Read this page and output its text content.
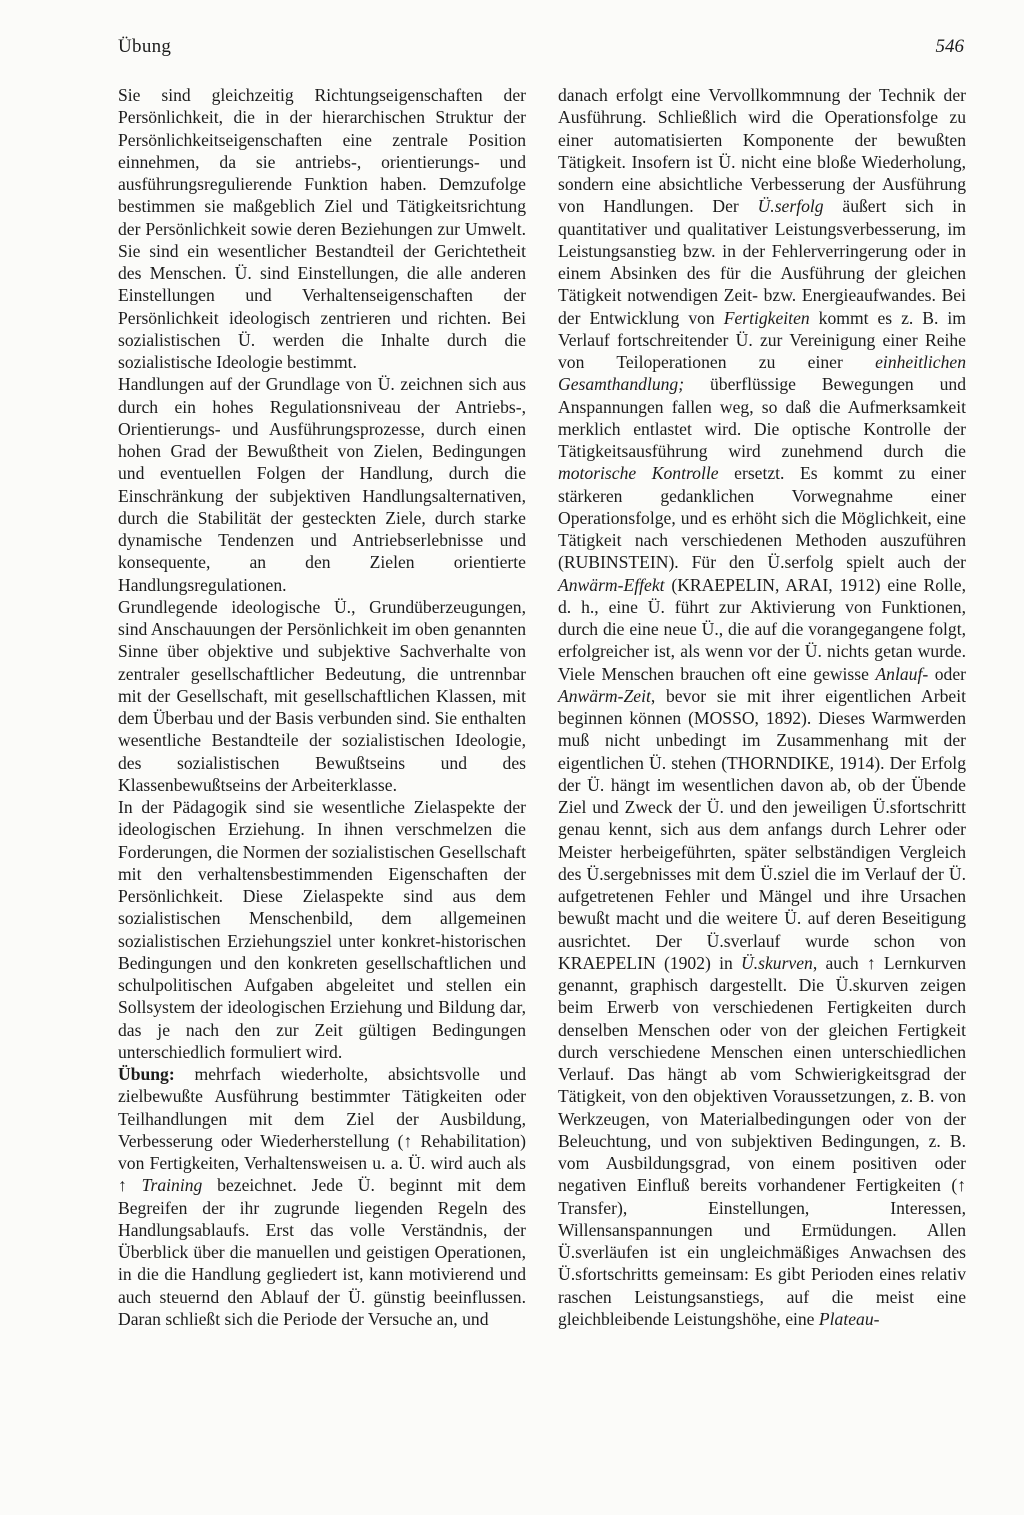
Übung	546

Sie sind gleichzeitig Richtungseigenschaften der Persönlichkeit, die in der hierarchischen Struktur der Persönlichkeitseigenschaften eine zentrale Position einnehmen, da sie antriebs-, orientierungs- und ausführungsregulierende Funktion haben. Demzufolge bestimmen sie maßgeblich Ziel und Tätigkeitsrichtung der Persönlichkeit sowie deren Beziehungen zur Umwelt. Sie sind ein wesentlicher Bestandteil der Gerichtetheit des Menschen. Ü. sind Einstellungen, die alle anderen Einstellungen und Verhaltenseigenschaften der Persönlichkeit ideologisch zentrieren und richten. Bei sozialistischen Ü. werden die Inhalte durch die sozialistische Ideologie bestimmt.

Handlungen auf der Grundlage von Ü. zeichnen sich aus durch ein hohes Regulationsniveau der Antriebs-, Orientierungs- und Ausführungsprozesse, durch einen hohen Grad der Bewußtheit von Zielen, Bedingungen und eventuellen Folgen der Handlung, durch die Einschränkung der subjektiven Handlungsalternativen, durch die Stabilität der gesteckten Ziele, durch starke dynamische Tendenzen und Antriebserlebnisse und konsequente, an den Zielen orientierte Handlungsregulationen.

Grundlegende ideologische Ü., Grundüberzeugungen, sind Anschauungen der Persönlichkeit im oben genannten Sinne über objektive und subjektive Sachverhalte von zentraler gesellschaftlicher Bedeutung, die untrennbar mit der Gesellschaft, mit gesellschaftlichen Klassen, mit dem Überbau und der Basis verbunden sind. Sie enthalten wesentliche Bestandteile der sozialistischen Ideologie, des sozialistischen Bewußtseins und des Klassenbewußtseins der Arbeiterklasse.

In der Pädagogik sind sie wesentliche Zielaspekte der ideologischen Erziehung. In ihnen verschmelzen die Forderungen, die Normen der sozialistischen Gesellschaft mit den verhaltensbestimmenden Eigenschaften der Persönlichkeit. Diese Zielaspekte sind aus dem sozialistischen Menschenbild, dem allgemeinen sozialistischen Erziehungsziel unter konkret-historischen Bedingungen und den konkreten gesellschaftlichen und schulpolitischen Aufgaben abgeleitet und stellen ein Sollsystem der ideologischen Erziehung und Bildung dar, das je nach den zur Zeit gültigen Bedingungen unterschiedlich formuliert wird.

Übung: mehrfach wiederholte, absichtsvolle und zielbewußte Ausführung bestimmter Tätigkeiten oder Teilhandlungen mit dem Ziel der Ausbildung, Verbesserung oder Wiederherstellung (↑ Rehabilitation) von Fertigkeiten, Verhaltensweisen u. a. Ü. wird auch als ↑ Training bezeichnet. Jede Ü. beginnt mit dem Begreifen der ihr zugrunde liegenden Regeln des Handlungsablaufs. Erst das volle Verständnis, der Überblick über die manuellen und geistigen Operationen, in die die Handlung gegliedert ist, kann motivierend und auch steuernd den Ablauf der Ü. günstig beeinflussen. Daran schließt sich die Periode der Versuche an, und

danach erfolgt eine Vervollkommnung der Technik der Ausführung. Schließlich wird die Operationsfolge zu einer automatisierten Komponente der bewußten Tätigkeit. Insofern ist Ü. nicht eine bloße Wiederholung, sondern eine absichtliche Verbesserung der Ausführung von Handlungen. Der Ü.serfolg äußert sich in quantitativer und qualitativer Leistungsverbesserung, im Leistungsanstieg bzw. in der Fehlerverringerung oder in einem Absinken des für die Ausführung der gleichen Tätigkeit notwendigen Zeit- bzw. Energieaufwandes. Bei der Entwicklung von Fertigkeiten kommt es z. B. im Verlauf fortschreitender Ü. zur Vereinigung einer Reihe von Teiloperationen zu einer einheitlichen Gesamthandlung; überflüssige Bewegungen und Anspannungen fallen weg, so daß die Aufmerksamkeit merklich entlastet wird. Die optische Kontrolle der Tätigkeitsausführung wird zunehmend durch die motorische Kontrolle ersetzt. Es kommt zu einer stärkeren gedanklichen Vorwegnahme einer Operationsfolge, und es erhöht sich die Möglichkeit, eine Tätigkeit nach verschiedenen Methoden auszuführen (RUBINSTEIN). Für den Ü.serfolg spielt auch der Anwärm-Effekt (KRAEPELIN, ARAI, 1912) eine Rolle, d. h., eine Ü. führt zur Aktivierung von Funktionen, durch die eine neue Ü., die auf die vorangegangene folgt, erfolgreicher ist, als wenn vor der Ü. nichts getan wurde. Viele Menschen brauchen oft eine gewisse Anlauf- oder Anwärm-Zeit, bevor sie mit ihrer eigentlichen Arbeit beginnen können (MOSSO, 1892). Dieses Warmwerden muß nicht unbedingt im Zusammenhang mit der eigentlichen Ü. stehen (THORNDIKE, 1914). Der Erfolg der Ü. hängt im wesentlichen davon ab, ob der Übende Ziel und Zweck der Ü. und den jeweiligen Ü.sfortschritt genau kennt, sich aus dem anfangs durch Lehrer oder Meister herbeigeführten, später selbständigen Vergleich des Ü.sergebnisses mit dem Ü.sziel die im Verlauf der Ü. aufgetretenen Fehler und Mängel und ihre Ursachen bewußt macht und die weitere Ü. auf deren Beseitigung ausrichtet. Der Ü.sverlauf wurde schon von KRAEPELIN (1902) in Ü.skurven, auch ↑ Lernkurven genannt, graphisch dargestellt. Die Ü.skurven zeigen beim Erwerb von verschiedenen Fertigkeiten durch denselben Menschen oder von der gleichen Fertigkeit durch verschiedene Menschen einen unterschiedlichen Verlauf. Das hängt ab vom Schwierigkeitsgrad der Tätigkeit, von den objektiven Voraussetzungen, z. B. von Werkzeugen, von Materialbedingungen oder von der Beleuchtung, und von subjektiven Bedingungen, z. B. vom Ausbildungsgrad, von einem positiven oder negativen Einfluß bereits vorhandener Fertigkeiten (↑ Transfer), Einstellungen, Interessen, Willensanspannungen und Ermüdungen. Allen Ü.sverläufen ist ein ungleichmäßiges Anwachsen des Ü.sfortschritts gemeinsam: Es gibt Perioden eines relativ raschen Leistungsanstiegs, auf die meist eine gleichbleibende Leistungshöhe, eine Plateau-
